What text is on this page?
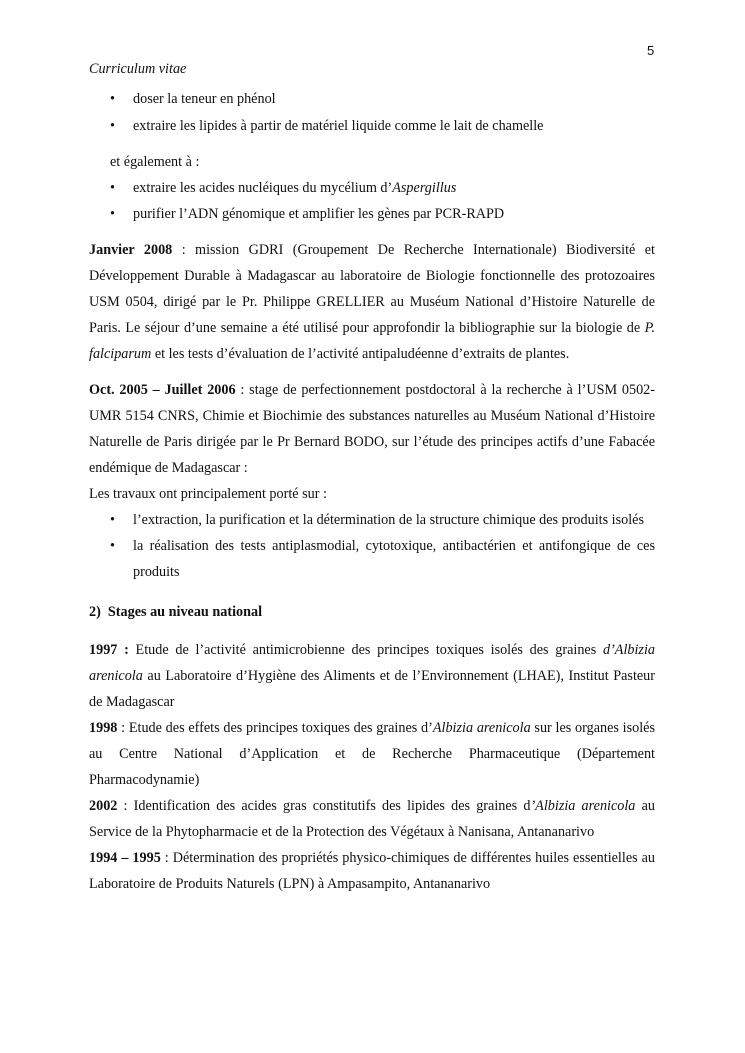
5
Curriculum vitae
• doser la teneur en phénol
• extraire les lipides à partir de matériel liquide comme le lait de chamelle
et également à :
• extraire les acides nucléiques du mycélium d’Aspergillus
• purifier l’ADN génomique et amplifier les gènes par PCR-RAPD

Janvier 2008 : mission GDRI (Groupement De Recherche Internationale) Biodiversité et Développement Durable à Madagascar au laboratoire de Biologie fonctionnelle des protozoaires USM 0504, dirigé par le Pr. Philippe GRELLIER au Muséum National d’Histoire Naturelle de Paris. Le séjour d’une semaine a été utilisé pour approfondir la bibliographie sur la biologie de P. falciparum et les tests d’évaluation de l’activité antipaludéenne d’extraits de plantes.

Oct. 2005 – Juillet 2006 : stage de perfectionnement postdoctoral à la recherche à l’USM 0502-UMR 5154 CNRS, Chimie et Biochimie des substances naturelles au Muséum National d’Histoire Naturelle de Paris dirigée par le Pr Bernard BODO, sur l’étude des principes actifs d’une Fabacée endémique de Madagascar :

Les travaux ont principalement porté sur :

• l’extraction, la purification et la détermination de la structure chimique des produits isolés
• la réalisation des tests antiplasmodial, cytotoxique, antibactérien et antifongique de ces produits
2)  Stages au niveau national

1997 : Etude de l’activité antimicrobienne des principes toxiques isolés des graines d’Albizia arenicola au Laboratoire d’Hygiène des Aliments et de l’Environnement (LHAE), Institut Pasteur de Madagascar

1998 : Etude des effets des principes toxiques des graines d’Albizia arenicola sur les organes isolés au Centre National d’Application et de Recherche Pharmaceutique (Département Pharmacodynamie)

2002 : Identification des acides gras constitutifs des lipides des graines d’Albizia arenicola au Service de la Phytopharmacie et de la Protection des Végétaux à Nanisana, Antananarivo

1994 – 1995 : Détermination des propriétés physico-chimiques de différentes huiles essentielles au Laboratoire de Produits Naturels (LPN) à Ampasampito, Antananarivo
